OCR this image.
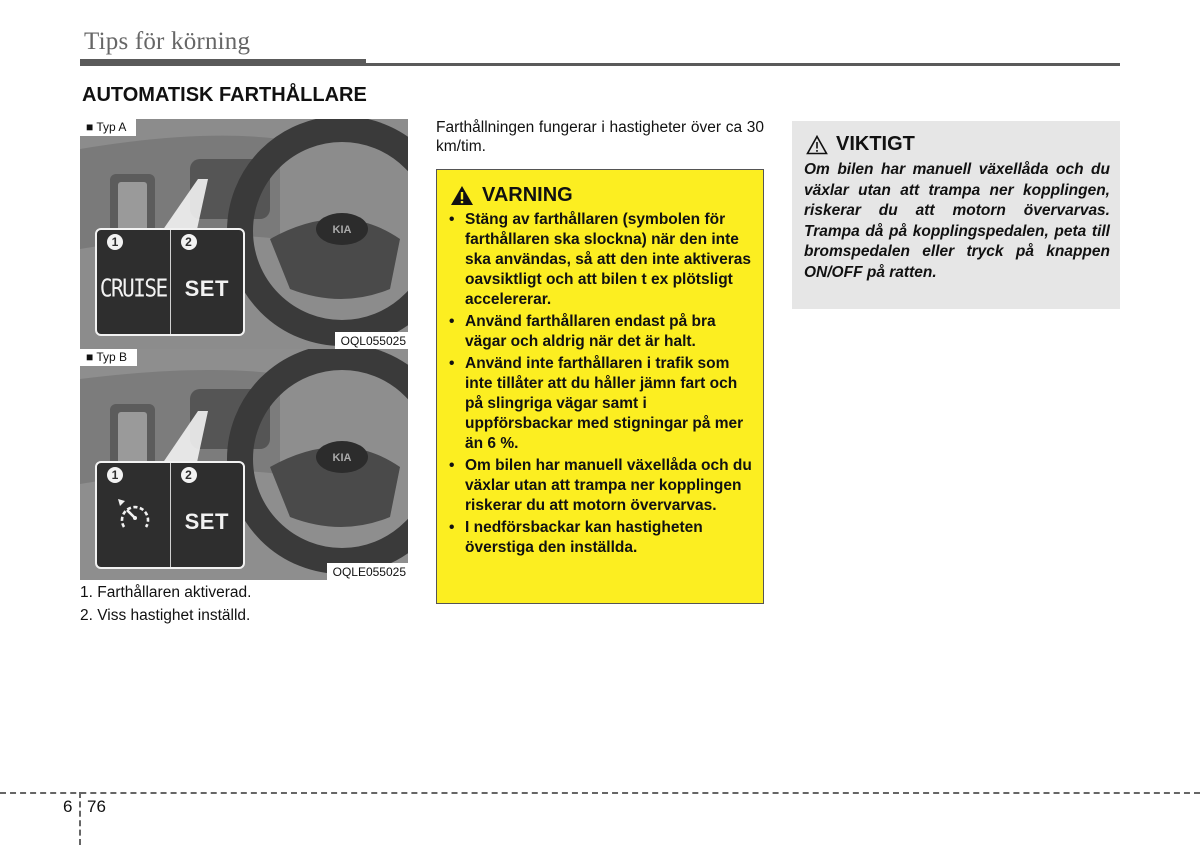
Tips för körning
AUTOMATISK FARTHÅLLARE
KIA
■ Typ A
1
CRUISE
2
SET
OQL055025
KIA
■ Typ B
1	2
SET
OQLE055025
1. Farthållaren aktiverad.
2. Viss hastighet inställd.
Farthållningen fungerar i hastigheter över ca 30 km/tim.
VARNING
• Stäng av farthållaren (symbolen för farthållaren ska slockna) när den inte ska användas, så att den inte aktiveras oavsiktligt och att bilen t ex plötsligt accelererar.
• Använd farthållaren endast på bra vägar och aldrig när det är halt.
• Använd inte farthållaren i trafik som inte tillåter att du håller jämn fart och på slingriga vägar samt i uppförsbackar med stigningar på mer än 6 %.
• Om bilen har manuell växellåda och du växlar utan att trampa ner kopplingen riskerar du att motorn övervarvas.
• I nedförsbackar kan hastigheten överstiga den inställda.
VIKTIGT
Om bilen har manuell växellåda och du växlar utan att trampa ner kopplingen, riskerar du att motorn övervarvas. Trampa då på kopplingspedalen, peta till bromspedalen eller tryck på knappen ON/OFF på ratten.
6 76
